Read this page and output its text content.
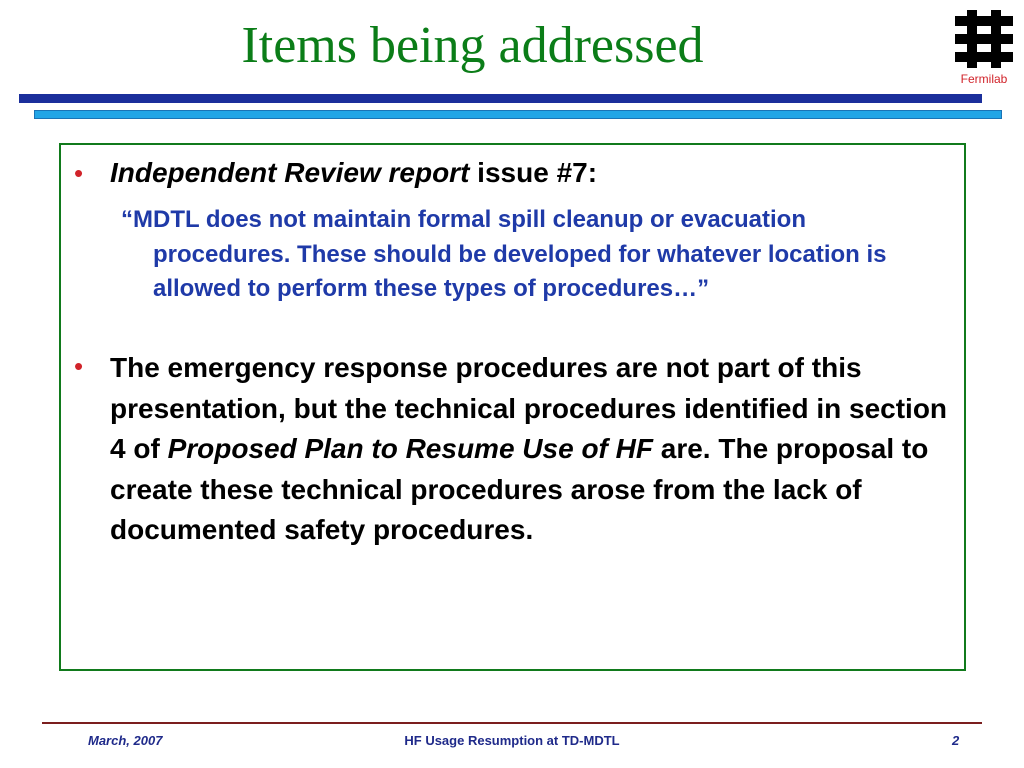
Items being addressed
Fermilab
• Independent Review report issue #7:
“MDTL does not maintain formal spill cleanup or evacuation procedures. These should be developed for whatever location is allowed to perform these types of procedures…”
• The emergency response procedures are not part of this presentation, but the technical procedures identified in section 4 of Proposed Plan to Resume Use of HF are. The proposal to create these technical procedures arose from the lack of documented safety procedures.
March, 2007	HF Usage Resumption at TD-MDTL	2
